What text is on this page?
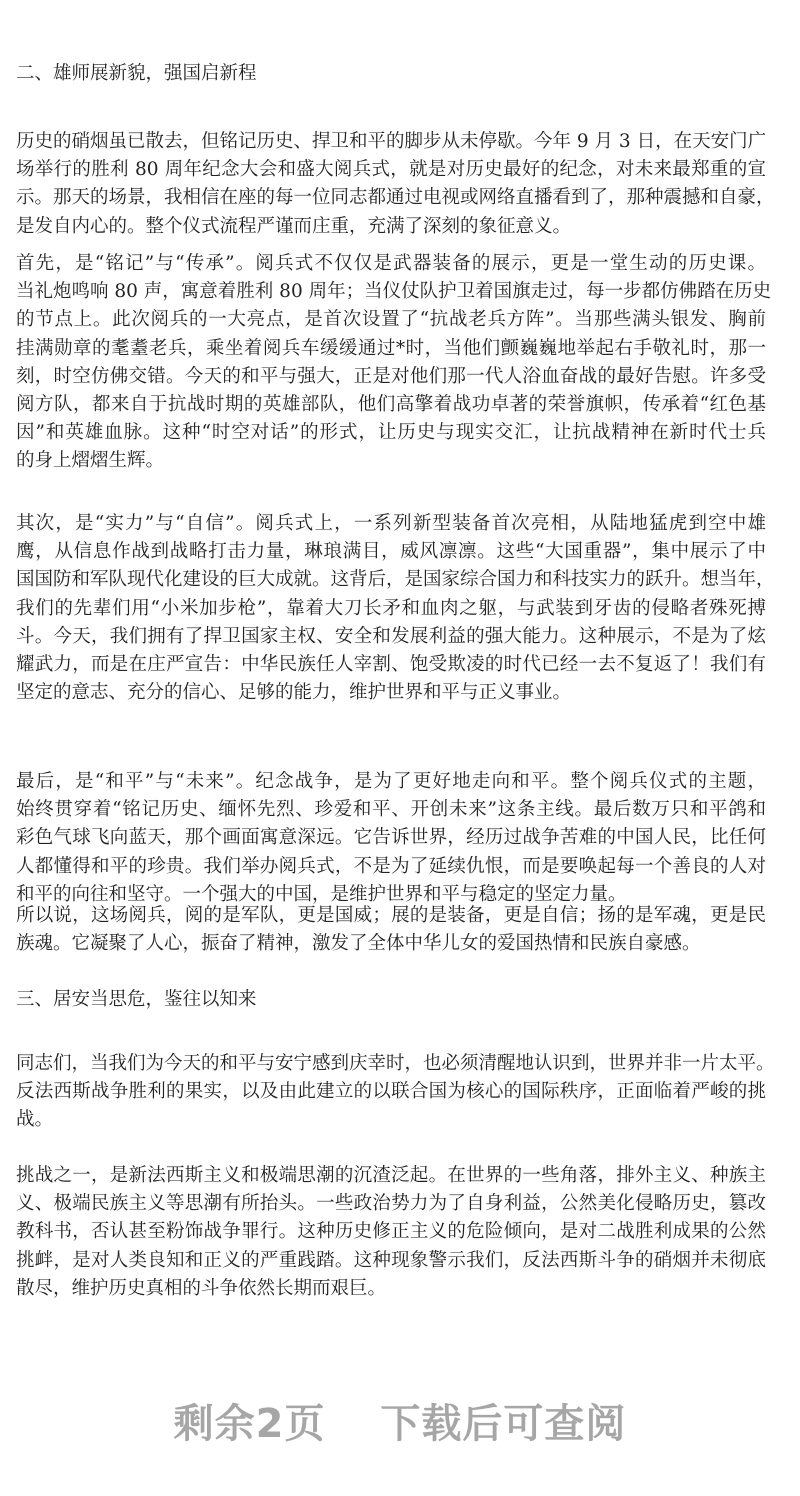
二、雄师展新貌，强国启新程
历史的硝烟虽已散去，但铭记历史、捍卫和平的脚步从未停歇。今年 9 月 3 日，在天安门广
场举行的胜利 80 周年纪念大会和盛大阅兵式，就是对历史最好的纪念，对未来最郑重的宣
示。那天的场景，我相信在座的每一位同志都通过电视或网络直播看到了，那种震撼和自豪，
是发自内心的。整个仪式流程严谨而庄重，充满了深刻的象征意义。
首先，是“铭记”与“传承”。阅兵式不仅仅是武器装备的展示，更是一堂生动的历史课。
当礼炮鸣响 80 声，寓意着胜利 80 周年；当仪仗队护卫着国旗走过，每一步都仿佛踏在历史
的节点上。此次阅兵的一大亮点，是首次设置了“抗战老兵方阵”。当那些满头银发、胸前
挂满勋章的耄耋老兵，乘坐着阅兵车缓缓通过*时，当他们颤巍巍地举起右手敬礼时，那一
刻，时空仿佛交错。今天的和平与强大，正是对他们那一代人浴血奋战的最好告慰。许多受
阅方队，都来自于抗战时期的英雄部队，他们高擎着战功卓著的荣誉旗帜，传承着“红色基
因”和英雄血脉。这种“时空对话”的形式，让历史与现实交汇，让抗战精神在新时代士兵
的身上熠熠生辉。
其次，是“实力”与“自信”。阅兵式上，一系列新型装备首次亮相，从陆地猛虎到空中雄
鹰，从信息作战到战略打击力量，琳琅满目，威风凛凛。这些“大国重器”，集中展示了中
国国防和军队现代化建设的巨大成就。这背后，是国家综合国力和科技实力的跃升。想当年，
我们的先辈们用“小米加步枪”，靠着大刀长矛和血肉之躯，与武装到牙齿的侵略者殊死搏
斗。今天，我们拥有了捍卫国家主权、安全和发展利益的强大能力。这种展示，不是为了炫
耀武力，而是在庄严宣告：中华民族任人宰割、饱受欺凌的时代已经一去不复返了！我们有
坚定的意志、充分的信心、足够的能力，维护世界和平与正义事业。
最后，是“和平”与“未来”。纪念战争，是为了更好地走向和平。整个阅兵仪式的主题，
始终贯穿着“铭记历史、缅怀先烈、珍爱和平、开创未来”这条主线。最后数万只和平鸽和
彩色气球飞向蓝天，那个画面寓意深远。它告诉世界，经历过战争苦难的中国人民，比任何
人都懂得和平的珍贵。我们举办阅兵式，不是为了延续仇恨，而是要唤起每一个善良的人对
和平的向往和坚守。一个强大的中国，是维护世界和平与稳定的坚定力量。
所以说，这场阅兵，阅的是军队，更是国威；展的是装备，更是自信；扬的是军魂，更是民
族魂。它凝聚了人心，振奋了精神，激发了全体中华儿女的爱国热情和民族自豪感。
三、居安当思危，鉴往以知来
同志们，当我们为今天的和平与安宁感到庆幸时，也必须清醒地认识到，世界并非一片太平。
反法西斯战争胜利的果实，以及由此建立的以联合国为核心的国际秩序，正面临着严峻的挑
战。
挑战之一，是新法西斯主义和极端思潮的沉渣泛起。在世界的一些角落，排外主义、种族主
义、极端民族主义等思潮有所抬头。一些政治势力为了自身利益，公然美化侵略历史，篡改
教科书，否认甚至粉饰战争罪行。这种历史修正主义的危险倾向，是对二战胜利成果的公然
挑衅，是对人类良知和正义的严重践踏。这种现象警示我们，反法西斯斗争的硝烟并未彻底
散尽，维护历史真相的斗争依然长期而艰巨。
剩余2页 下载后可查阅
